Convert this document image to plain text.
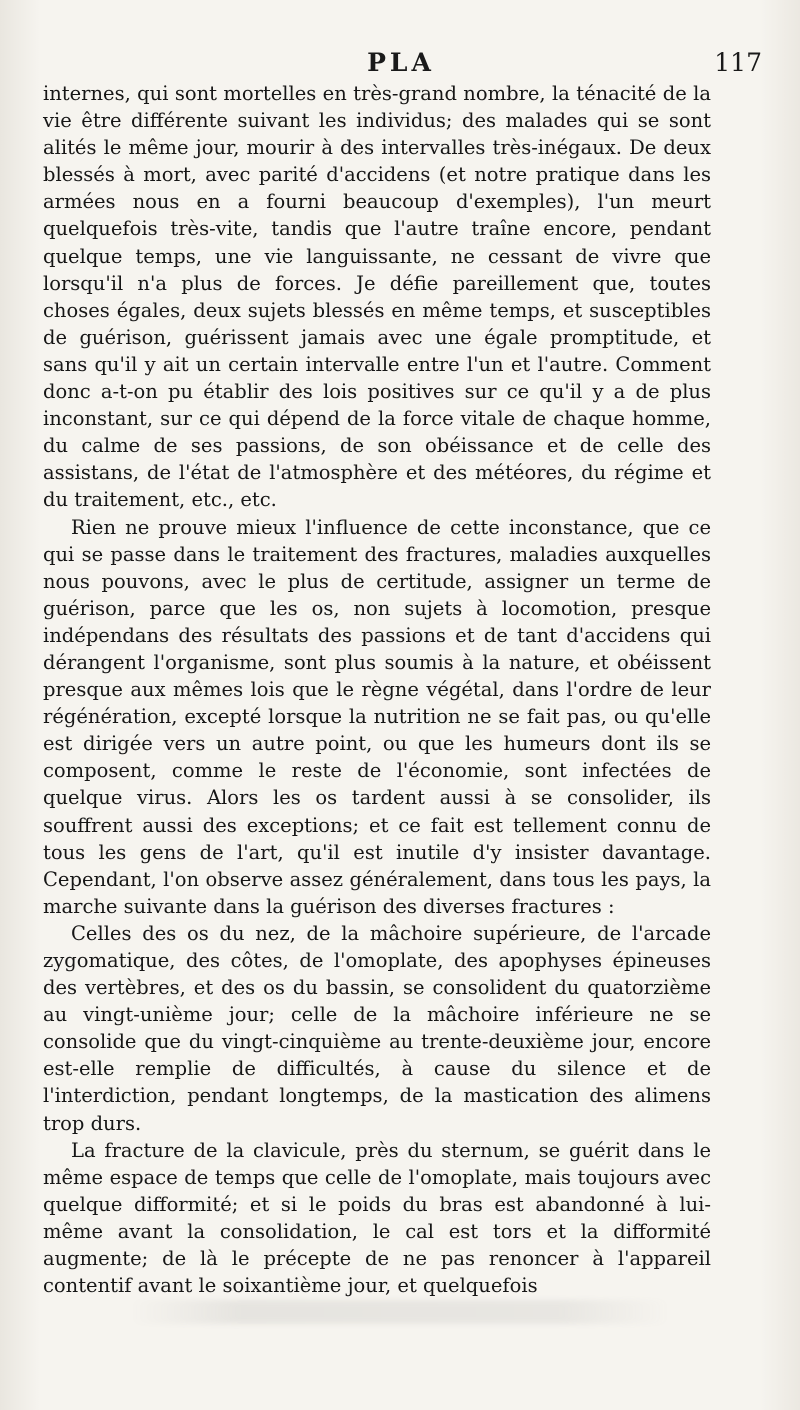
PLA	117

internes, qui sont mortelles en très-grand nombre, la ténacité de la vie être différente suivant les individus; des malades qui se sont alités le même jour, mourir à des intervalles très-inégaux. De deux blessés à mort, avec parité d'accidens (et notre pratique dans les armées nous en a fourni beaucoup d'exemples), l'un meurt quelquefois très-vite, tandis que l'autre traîne encore, pendant quelque temps, une vie languissante, ne cessant de vivre que lorsqu'il n'a plus de forces. Je défie pareillement que, toutes choses égales, deux sujets blessés en même temps, et susceptibles de guérison, guérissent jamais avec une égale promptitude, et sans qu'il y ait un certain intervalle entre l'un et l'autre. Comment donc a-t-on pu établir des lois positives sur ce qu'il y a de plus inconstant, sur ce qui dépend de la force vitale de chaque homme, du calme de ses passions, de son obéissance et de celle des assistans, de l'état de l'atmosphère et des météores, du régime et du traitement, etc., etc.

Rien ne prouve mieux l'influence de cette inconstance, que ce qui se passe dans le traitement des fractures, maladies auxquelles nous pouvons, avec le plus de certitude, assigner un terme de guérison, parce que les os, non sujets à locomotion, presque indépendans des résultats des passions et de tant d'accidens qui dérangent l'organisme, sont plus soumis à la nature, et obéissent presque aux mêmes lois que le règne végétal, dans l'ordre de leur régénération, excepté lorsque la nutrition ne se fait pas, ou qu'elle est dirigée vers un autre point, ou que les humeurs dont ils se composent, comme le reste de l'économie, sont infectées de quelque virus. Alors les os tardent aussi à se consolider, ils souffrent aussi des exceptions; et ce fait est tellement connu de tous les gens de l'art, qu'il est inutile d'y insister davantage. Cependant, l'on observe assez généralement, dans tous les pays, la marche suivante dans la guérison des diverses fractures :

Celles des os du nez, de la mâchoire supérieure, de l'arcade zygomatique, des côtes, de l'omoplate, des apophyses épineuses des vertèbres, et des os du bassin, se consolident du quatorzième au vingt-unième jour; celle de la mâchoire inférieure ne se consolide que du vingt-cinquième au trente-deuxième jour, encore est-elle remplie de difficultés, à cause du silence et de l'interdiction, pendant longtemps, de la mastication des alimens trop durs.

La fracture de la clavicule, près du sternum, se guérit dans le même espace de temps que celle de l'omoplate, mais toujours avec quelque difformité; et si le poids du bras est abandonné à lui-même avant la consolidation, le cal est tors et la difformité augmente; de là le précepte de ne pas renoncer à l'appareil contentif avant le soixantième jour, et quelquefois
